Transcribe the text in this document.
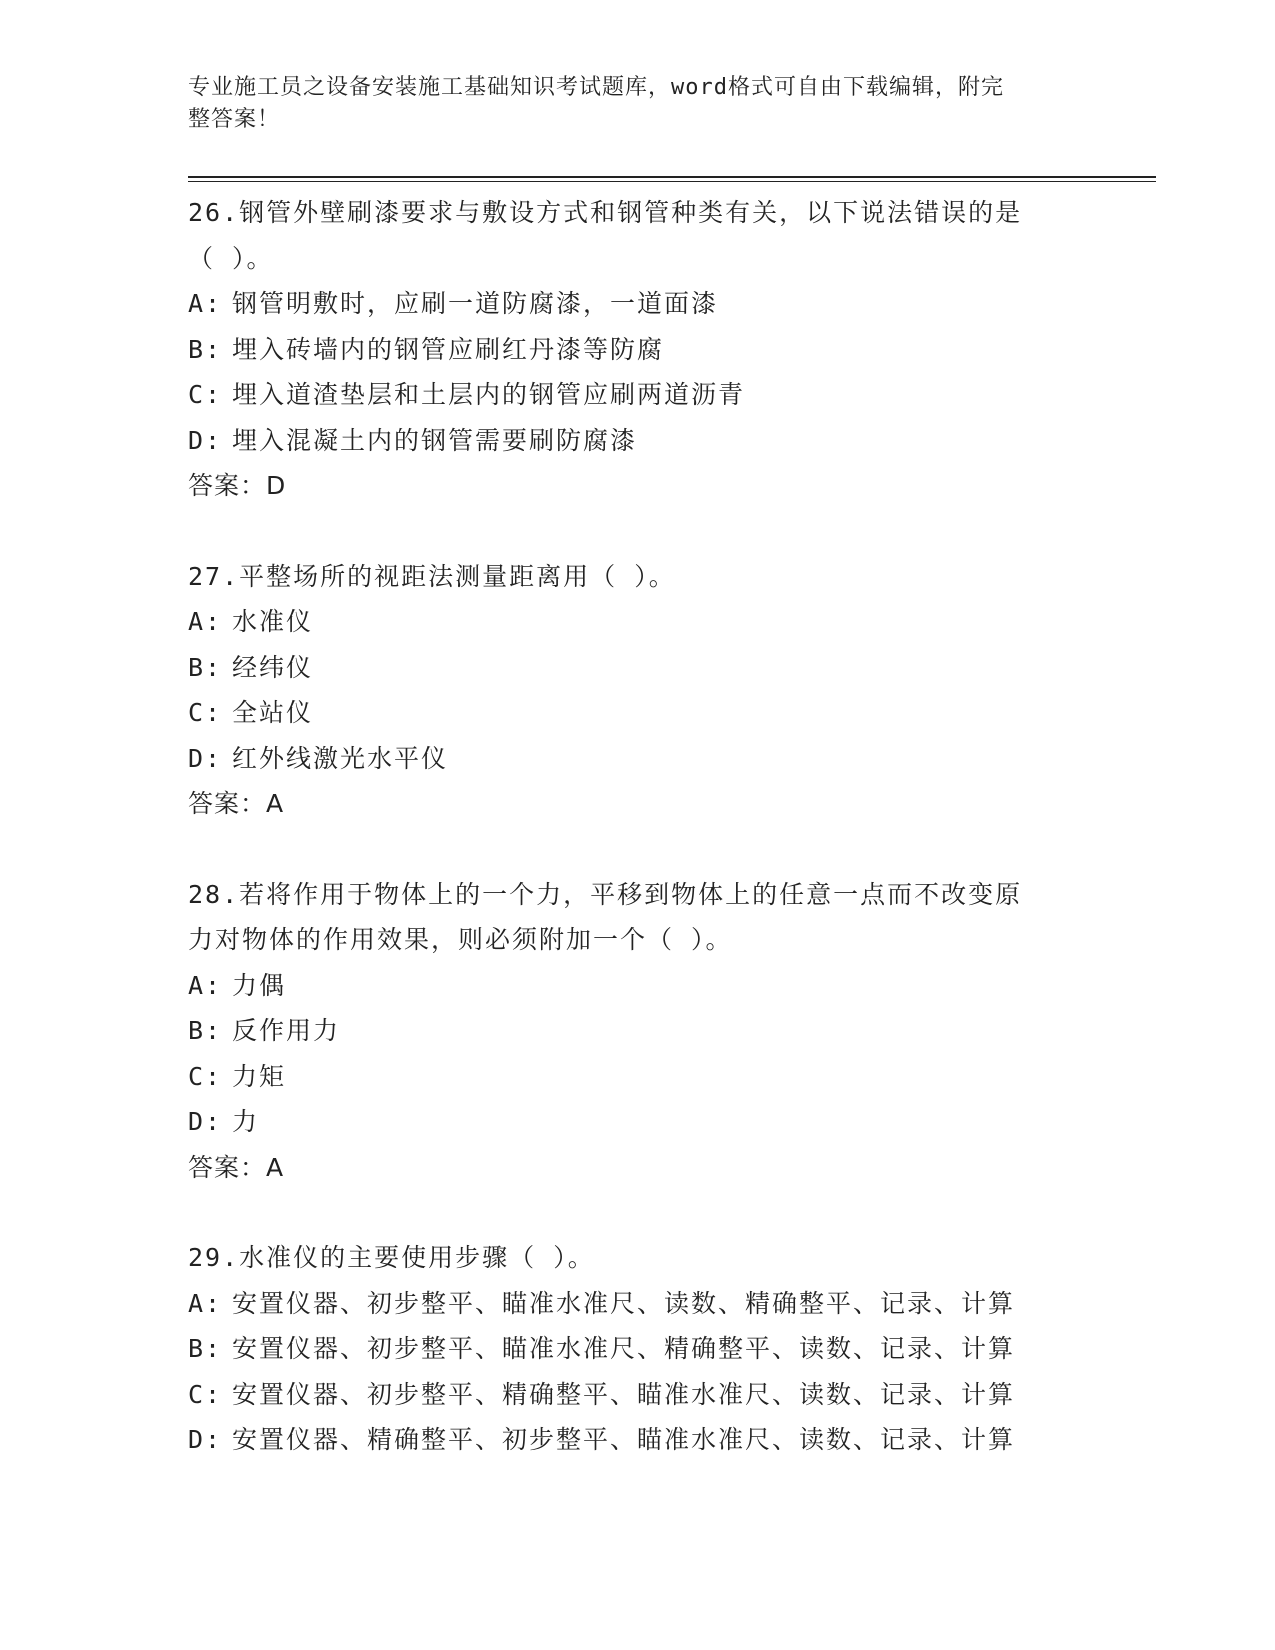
专业施工员之设备安装施工基础知识考试题库，word格式可自由下载编辑，附完
整答案！
26.钢管外壁刷漆要求与敷设方式和钢管种类有关，以下说法错误的是
（ ）。
A: 钢管明敷时，应刷一道防腐漆，一道面漆
B: 埋入砖墙内的钢管应刷红丹漆等防腐
C: 埋入道渣垫层和土层内的钢管应刷两道沥青
D: 埋入混凝土内的钢管需要刷防腐漆
答案：D
27.平整场所的视距法测量距离用（ ）。
A: 水准仪
B: 经纬仪
C: 全站仪
D: 红外线激光水平仪
答案：A
28.若将作用于物体上的一个力，平移到物体上的任意一点而不改变原
力对物体的作用效果，则必须附加一个（ ）。
A: 力偶
B: 反作用力
C: 力矩
D: 力
答案：A
29.水准仪的主要使用步骤（ ）。
A: 安置仪器、初步整平、瞄准水准尺、读数、精确整平、记录、计算
B: 安置仪器、初步整平、瞄准水准尺、精确整平、读数、记录、计算
C: 安置仪器、初步整平、精确整平、瞄准水准尺、读数、记录、计算
D: 安置仪器、精确整平、初步整平、瞄准水准尺、读数、记录、计算
